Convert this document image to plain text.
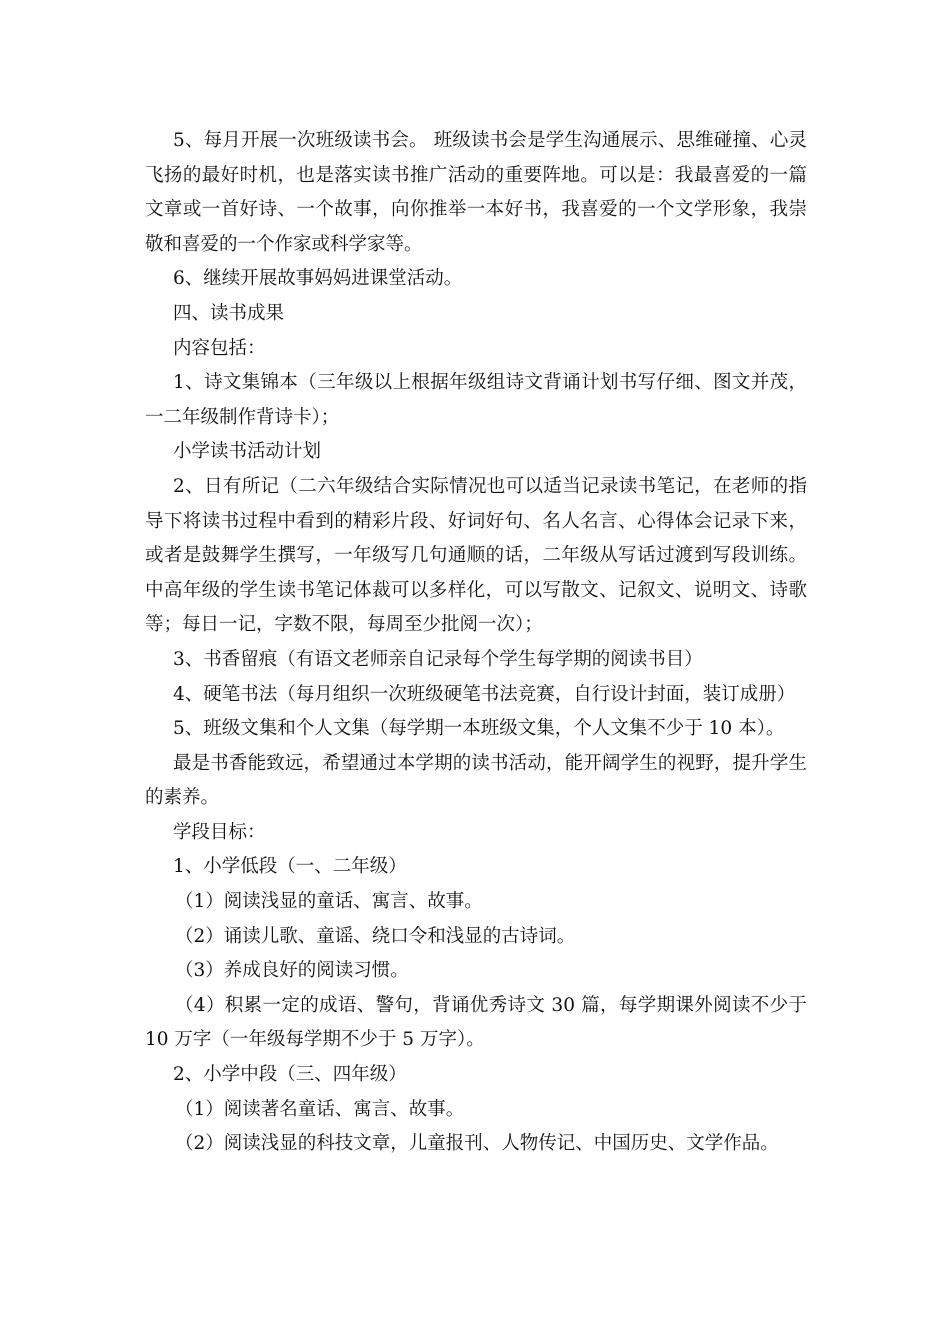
5、每月开展一次班级读书会。 班级读书会是学生沟通展示、思维碰撞、心灵飞扬的最好时机，也是落实读书推广活动的重要阵地。可以是：我最喜爱的一篇文章或一首好诗、一个故事，向你推举一本好书，我喜爱的一个文学形象，我崇敬和喜爱的一个作家或科学家等。

6、继续开展故事妈妈进课堂活动。

四、读书成果

内容包括：

1、诗文集锦本（三年级以上根据年级组诗文背诵计划书写仔细、图文并茂，一二年级制作背诗卡）；

小学读书活动计划

2、日有所记（二六年级结合实际情况也可以适当记录读书笔记，在老师的指导下将读书过程中看到的精彩片段、好词好句、名人名言、心得体会记录下来，或者是鼓舞学生撰写，一年级写几句通顺的话，二年级从写话过渡到写段训练。中高年级的学生读书笔记体裁可以多样化，可以写散文、记叙文、说明文、诗歌等；每日一记，字数不限，每周至少批阅一次）；

3、书香留痕（有语文老师亲自记录每个学生每学期的阅读书目）

4、硬笔书法（每月组织一次班级硬笔书法竞赛，自行设计封面，装订成册）

5、班级文集和个人文集（每学期一本班级文集，个人文集不少于 10 本）。

最是书香能致远，希望通过本学期的读书活动，能开阔学生的视野，提升学生的素养。

学段目标：

1、小学低段（一、二年级）

（1）阅读浅显的童话、寓言、故事。

（2）诵读儿歌、童谣、绕口令和浅显的古诗词。

（3）养成良好的阅读习惯。

（4）积累一定的成语、警句，背诵优秀诗文 30 篇，每学期课外阅读不少于 10 万字（一年级每学期不少于 5 万字）。

2、小学中段（三、四年级）

（1）阅读著名童话、寓言、故事。

（2）阅读浅显的科技文章，儿童报刊、人物传记、中国历史、文学作品。
